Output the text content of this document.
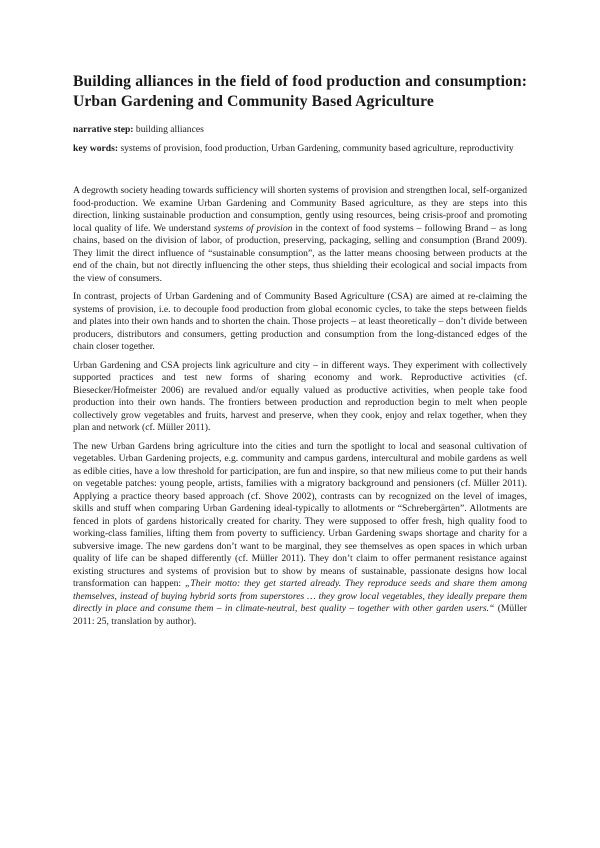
Building alliances in the field of food production and consumption: Urban Gardening and Community Based Agriculture

narrative step: building alliances

key words: systems of provision, food production, Urban Gardening, community based agriculture, reproductivity

A degrowth society heading towards sufficiency will shorten systems of provision and strengthen local, self-organized food-production. We examine Urban Gardening and Community Based agriculture, as they are steps into this direction, linking sustainable production and consumption, gently using resources, being crisis-proof and promoting local quality of life. We understand systems of provision in the context of food systems – following Brand – as long chains, based on the division of labor, of production, preserving, packaging, selling and consumption (Brand 2009). They limit the direct influence of “sustainable consumption”, as the latter means choosing between products at the end of the chain, but not directly influencing the other steps, thus shielding their ecological and social impacts from the view of consumers.

In contrast, projects of Urban Gardening and of Community Based Agriculture (CSA) are aimed at re-claiming the systems of provision, i.e. to decouple food production from global economic cycles, to take the steps between fields and plates into their own hands and to shorten the chain. Those projects – at least theoretically – don’t divide between producers, distributors and consumers, getting production and consumption from the long-distanced edges of the chain closer together.

Urban Gardening and CSA projects link agriculture and city – in different ways. They experiment with collectively supported practices and test new forms of sharing economy and work. Reproductive activities (cf. Biesecker/Hofmeister 2006) are revalued and/or equally valued as productive activities, when people take food production into their own hands. The frontiers between production and reproduction begin to melt when people collectively grow vegetables and fruits, harvest and preserve, when they cook, enjoy and relax together, when they plan and network (cf. Müller 2011).

The new Urban Gardens bring agriculture into the cities and turn the spotlight to local and seasonal cultivation of vegetables. Urban Gardening projects, e.g. community and campus gardens, intercultural and mobile gardens as well as edible cities, have a low threshold for participation, are fun and inspire, so that new milieus come to put their hands on vegetable patches: young people, artists, families with a migratory background and pensioners (cf. Müller 2011). Applying a practice theory based approach (cf. Shove 2002), contrasts can by recognized on the level of images, skills and stuff when comparing Urban Gardening ideal-typically to allotments or “Schrebergärten”. Allotments are fenced in plots of gardens historically created for charity. They were supposed to offer fresh, high quality food to working-class families, lifting them from poverty to sufficiency. Urban Gardening swaps shortage and charity for a subversive image. The new gardens don’t want to be marginal, they see themselves as open spaces in which urban quality of life can be shaped differently (cf. Müller 2011). They don’t claim to offer permanent resistance against existing structures and systems of provision but to show by means of sustainable, passionate designs how local transformation can happen: „Their motto: they get started already. They reproduce seeds and share them among themselves, instead of buying hybrid sorts from superstores … they grow local vegetables, they ideally prepare them directly in place and consume them – in climate-neutral, best quality – together with other garden users.“ (Müller 2011: 25, translation by author).
